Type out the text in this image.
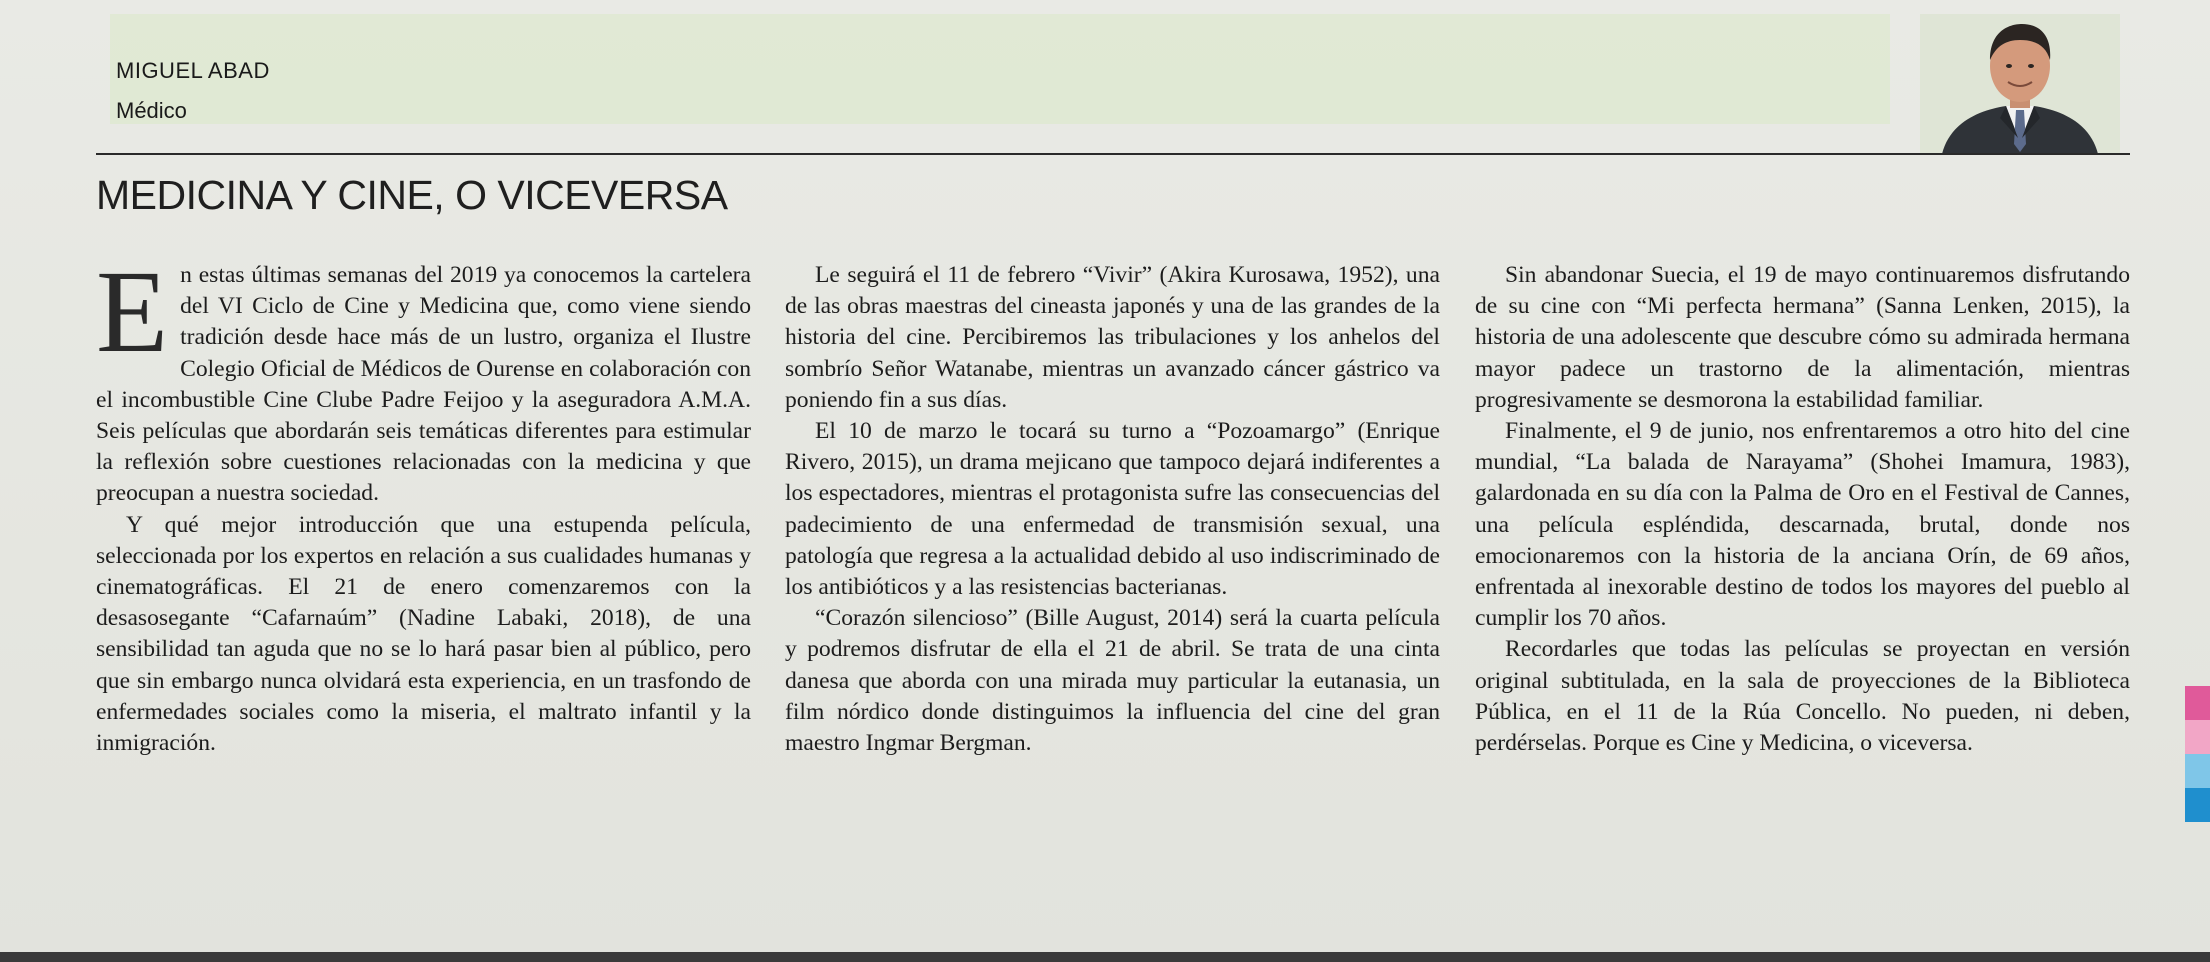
MIGUEL ABAD

Médico

MEDICINA Y CINE, O VICEVERSA

En estas últimas semanas del 2019 ya conocemos la cartelera del VI Ciclo de Cine y Medicina que, como viene siendo tradición desde hace más de un lustro, organiza el Ilustre Colegio Oficial de Médicos de Ourense en colaboración con el incombustible Cine Clube Padre Feijoo y la aseguradora A.M.A. Seis películas que abordarán seis temáticas diferentes para estimular la reflexión sobre cuestiones relacionadas con la medicina y que preocupan a nuestra sociedad.

Y qué mejor introducción que una estupenda película, seleccionada por los expertos en relación a sus cualidades humanas y cinematográficas. El 21 de enero comenzaremos con la desasosegante “Cafarnaúm” (Nadine Labaki, 2018), de una sensibilidad tan aguda que no se lo hará pasar bien al público, pero que sin embargo nunca olvidará esta experiencia, en un trasfondo de enfermedades sociales como la miseria, el maltrato infantil y la inmigración.

Le seguirá el 11 de febrero “Vivir” (Akira Kurosawa, 1952), una de las obras maestras del cineasta japonés y una de las grandes de la historia del cine. Percibiremos las tribulaciones y los anhelos del sombrío Señor Watanabe, mientras un avanzado cáncer gástrico va poniendo fin a sus días.

El 10 de marzo le tocará su turno a “Pozoamargo” (Enrique Rivero, 2015), un drama mejicano que tampoco dejará indiferentes a los espectadores, mientras el protagonista sufre las consecuencias del padecimiento de una enfermedad de transmisión sexual, una patología que regresa a la actualidad debido al uso indiscriminado de los antibióticos y a las resistencias bacterianas.

“Corazón silencioso” (Bille August, 2014) será la cuarta película y podremos disfrutar de ella el 21 de abril. Se trata de una cinta danesa que aborda con una mirada muy particular la eutanasia, un film nórdico donde distinguimos la influencia del cine del gran maestro Ingmar Bergman.

Sin abandonar Suecia, el 19 de mayo continuaremos disfrutando de su cine con “Mi perfecta hermana” (Sanna Lenken, 2015), la historia de una adolescente que descubre cómo su admirada hermana mayor padece un trastorno de la alimentación, mientras progresivamente se desmorona la estabilidad familiar.

Finalmente, el 9 de junio, nos enfrentaremos a otro hito del cine mundial, “La balada de Narayama” (Shohei Imamura, 1983), galardonada en su día con la Palma de Oro en el Festival de Cannes, una película espléndida, descarnada, brutal, donde nos emocionaremos con la historia de la anciana Orín, de 69 años, enfrentada al inexorable destino de todos los mayores del pueblo al cumplir los 70 años.

Recordarles que todas las películas se proyectan en versión original subtitulada, en la sala de proyecciones de la Biblioteca Pública, en el 11 de la Rúa Concello. No pueden, ni deben, perdérselas. Porque es Cine y Medicina, o viceversa.
